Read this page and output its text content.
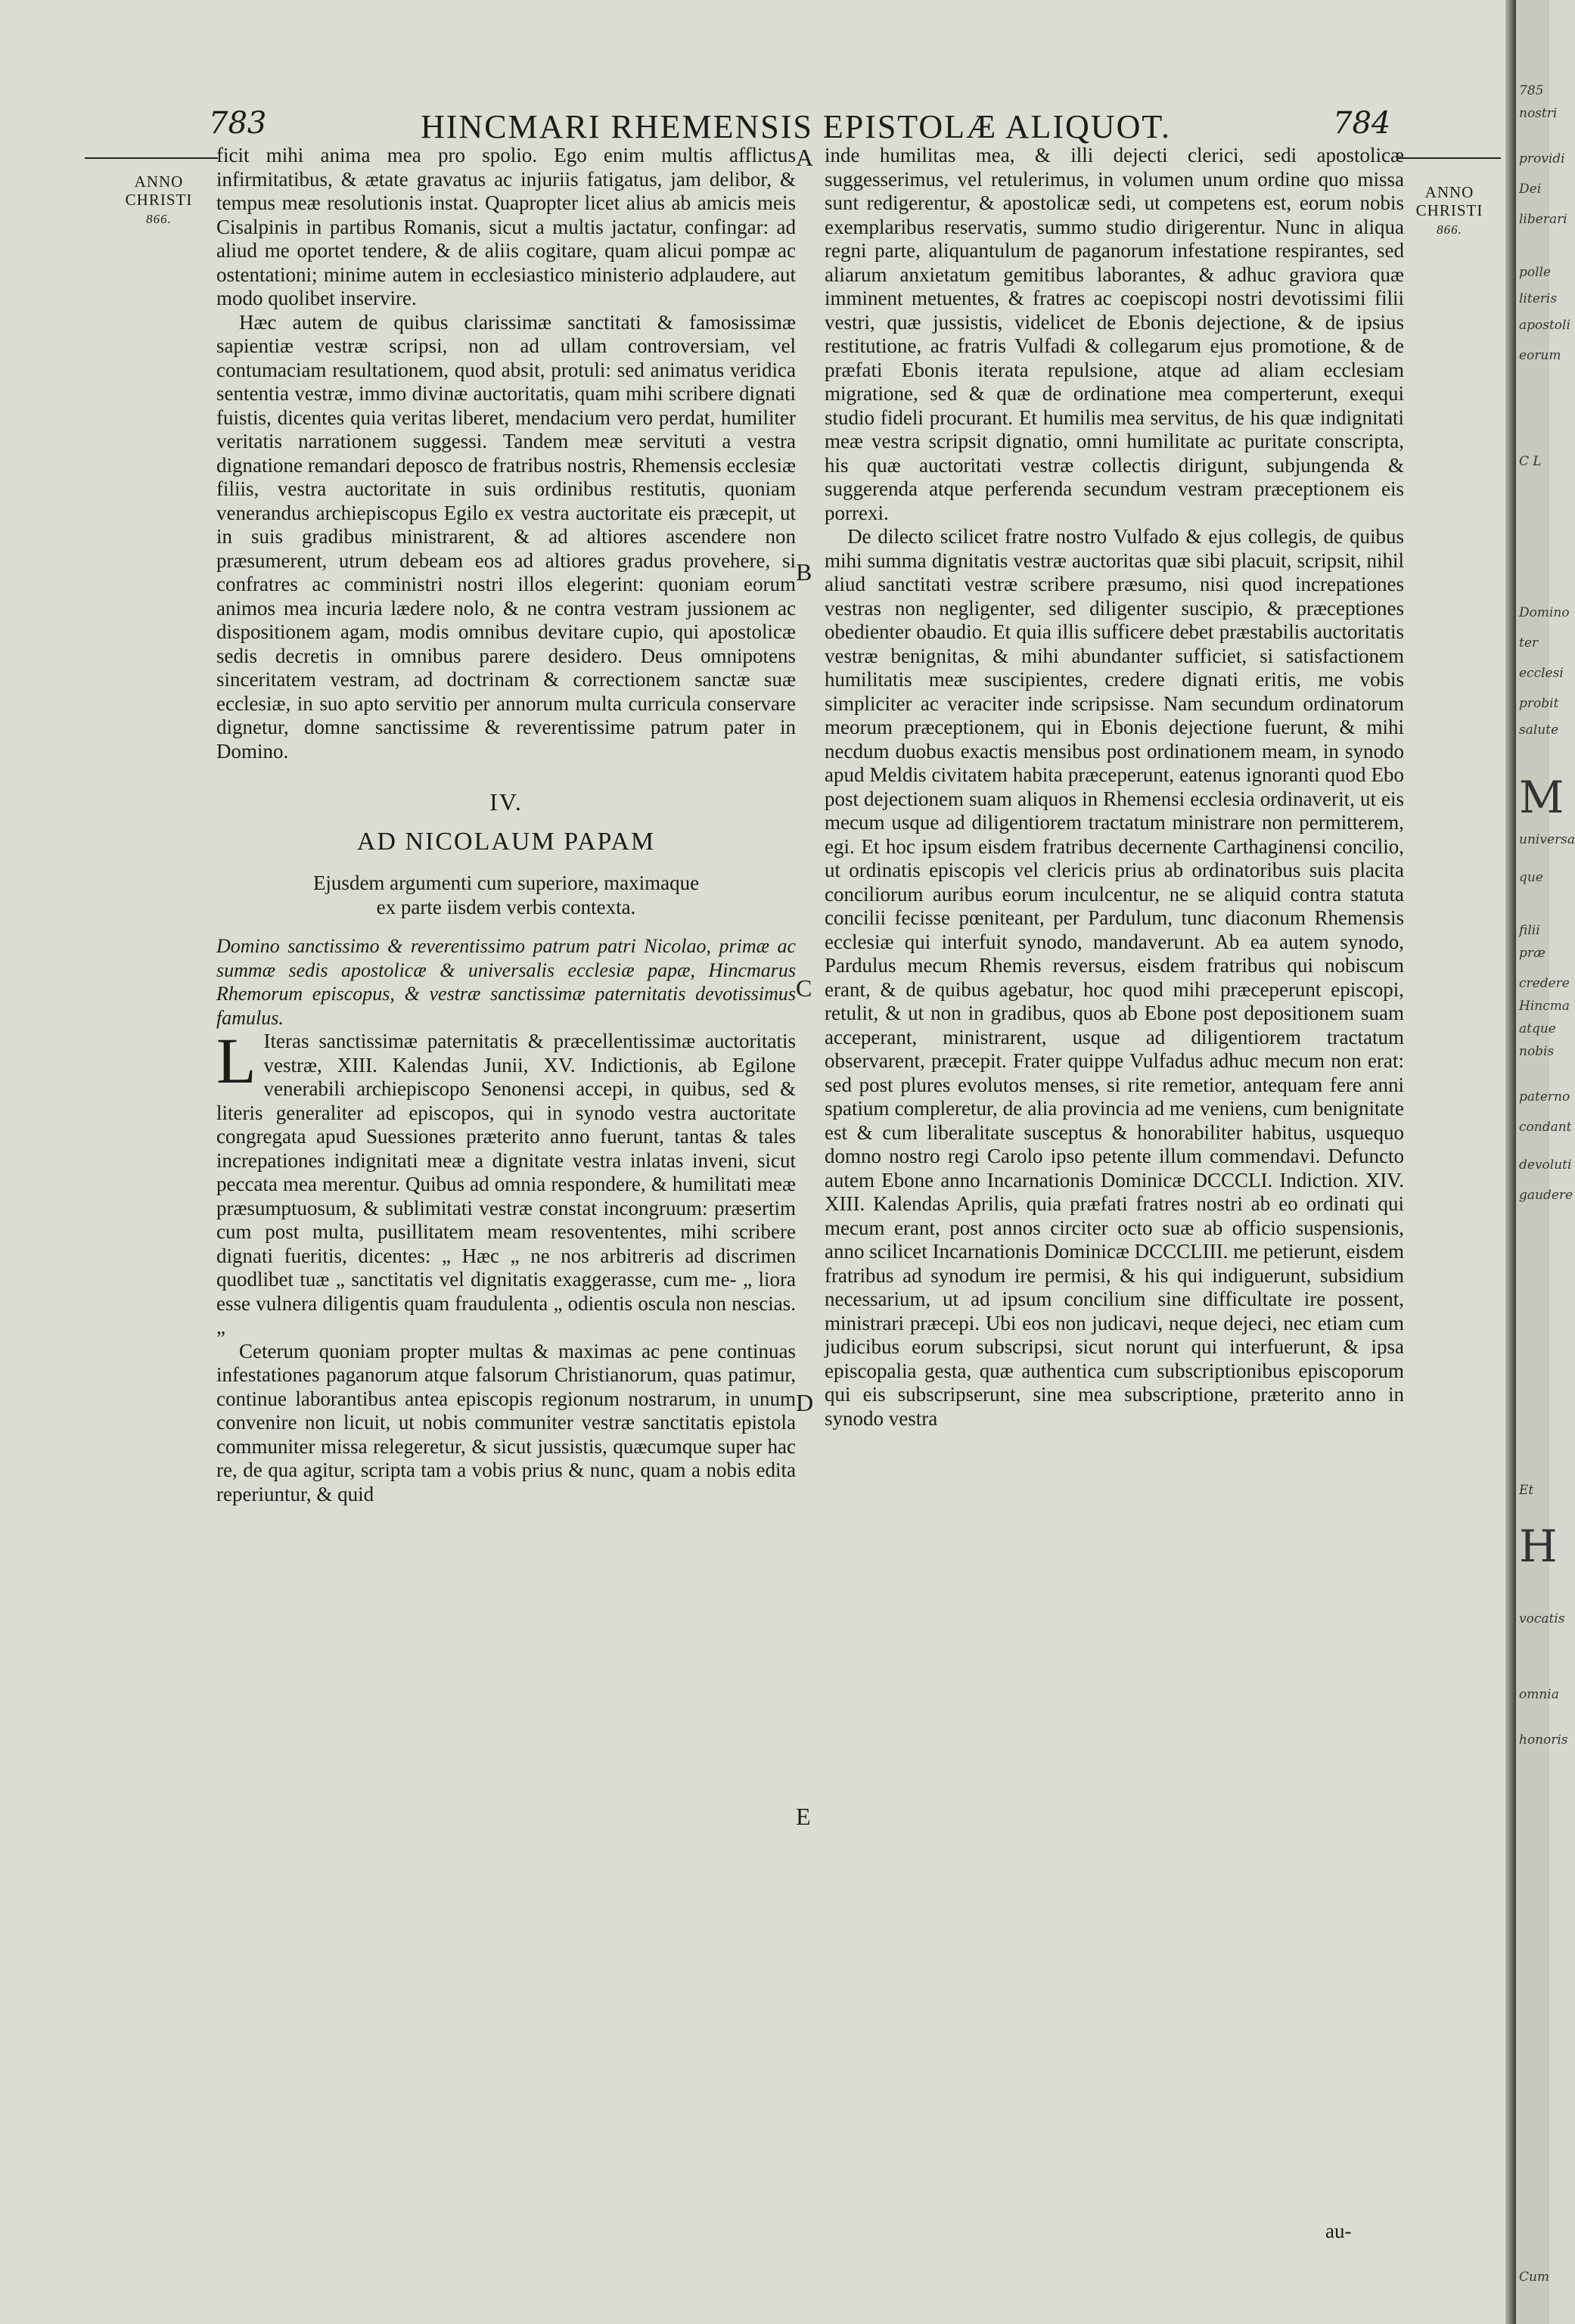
783	HINCMARI RHEMENSIS EPISTOLÆ ALIQUOT.	784
ANNO CHRISTI
866.
ANNO CHRISTI
866.
A
B
C
D
E

ficit mihi anima mea pro spolio. Ego enim multis afflictus infirmitatibus, & ætate gravatus ac injuriis fatigatus, jam delibor, & tempus meæ resolutionis instat. Quapropter licet alius ab amicis meis Cisalpinis in partibus Romanis, sicut a multis jactatur, confingar: ad aliud me oportet tendere, & de aliis cogitare, quam alicui pompæ ac ostentationi; minime autem in ecclesiastico ministerio adplaudere, aut modo quolibet inservire.

Hæc autem de quibus clarissimæ sanctitati & famosissimæ sapientiæ vestræ scripsi, non ad ullam controversiam, vel contumaciam resultationem, quod absit, protuli: sed animatus veridica sententia vestræ, immo divinæ auctoritatis, quam mihi scribere dignati fuistis, dicentes quia veritas liberet, mendacium vero perdat, humiliter veritatis narrationem suggessi. Tandem meæ servituti a vestra dignatione remandari deposco de fratribus nostris, Rhemensis ecclesiæ filiis, vestra auctoritate in suis ordinibus restitutis, quoniam venerandus archiepiscopus Egilo ex vestra auctoritate eis præcepit, ut in suis gradibus ministrarent, & ad altiores ascendere non præsumerent, utrum debeam eos ad altiores gradus provehere, si confratres ac comministri nostri illos elegerint: quoniam eorum animos mea incuria lædere nolo, & ne contra vestram jussionem ac dispositionem agam, modis omnibus devitare cupio, qui apostolicæ sedis decretis in omnibus parere desidero. Deus omnipotens sinceritatem vestram, ad doctrinam & correctionem sanctæ suæ ecclesiæ, in suo apto servitio per annorum multa curricula conservare dignetur, domne sanctissime & reverentissime patrum pater in Domino.

IV.
AD NICOLAUM PAPAM
Ejusdem argumenti cum superiore, maximaque
ex parte iisdem verbis contexta.

Domino sanctissimo & reverentissimo patrum patri Nicolao, primæ ac summæ sedis apostolicæ & universalis ecclesiæ papæ, Hincmarus Rhemorum episcopus, & vestræ sanctissimæ paternitatis devotissimus famulus.

L Iteras sanctissimæ paternitatis & præcellentissimæ auctoritatis vestræ, XIII. Kalendas Junii, XV. Indictionis, ab Egilone venerabili archiepiscopo Senonensi accepi, in quibus, sed & literis generaliter ad episcopos, qui in synodo vestra auctoritate congregata apud Suessiones præterito anno fuerunt, tantas & tales increpationes indignitati meæ a dignitate vestra inlatas inveni, sicut peccata mea merentur. Quibus ad omnia respondere, & humilitati meæ præsumptuosum, & sublimitati vestræ constat incongruum: præsertim cum post multa, pusillitatem meam resovententes, mihi scribere dignati fueritis, dicentes: „ Hæc „ ne nos arbitreris ad discrimen quodlibet tuæ „ sanctitatis vel dignitatis exaggerasse, cum me- „ liora esse vulnera diligentis quam fraudulenta „ odientis oscula non nescias. „

Ceterum quoniam propter multas & maximas ac pene continuas infestationes paganorum atque falsorum Christianorum, quas patimur, continue laborantibus antea episcopis regionum nostrarum, in unum convenire non licuit, ut nobis communiter vestræ sanctitatis epistola communiter missa relegeretur, & sicut jussistis, quæcumque super hac re, de qua agitur, scripta tam a vobis prius & nunc, quam a nobis edita reperiuntur, & quid

inde humilitas mea, & illi dejecti clerici, sedi apostolicæ suggesserimus, vel retulerimus, in volumen unum ordine quo missa sunt redigerentur, & apostolicæ sedi, ut competens est, eorum nobis exemplaribus reservatis, summo studio dirigerentur. Nunc in aliqua regni parte, aliquantulum de paganorum infestatione respirantes, sed aliarum anxietatum gemitibus laborantes, & adhuc graviora quæ imminent metuentes, & fratres ac coepiscopi nostri devotissimi filii vestri, quæ jussistis, videlicet de Ebonis dejectione, & de ipsius restitutione, ac fratris Vulfadi & collegarum ejus promotione, & de præfati Ebonis iterata repulsione, atque ad aliam ecclesiam migratione, sed & quæ de ordinatione mea comperterunt, exequi studio fideli procurant. Et humilis mea servitus, de his quæ indignitati meæ vestra scripsit dignatio, omni humilitate ac puritate conscripta, his quæ auctoritati vestræ collectis dirigunt, subjungenda & suggerenda atque perferenda secundum vestram præceptionem eis porrexi.

De dilecto scilicet fratre nostro Vulfado & ejus collegis, de quibus mihi summa dignitatis vestræ auctoritas quæ sibi placuit, scripsit, nihil aliud sanctitati vestræ scribere præsumo, nisi quod increpationes vestras non negligenter, sed diligenter suscipio, & præceptiones obedienter obaudio. Et quia illis sufficere debet præstabilis auctoritatis vestræ benignitas, & mihi abundanter sufficiet, si satisfactionem humilitatis meæ suscipientes, credere dignati eritis, me vobis simpliciter ac veraciter inde scripsisse. Nam secundum ordinatorum meorum præceptionem, qui in Ebonis dejectione fuerunt, & mihi necdum duobus exactis mensibus post ordinationem meam, in synodo apud Meldis civitatem habita præceperunt, eatenus ignoranti quod Ebo post dejectionem suam aliquos in Rhemensi ecclesia ordinaverit, ut eis mecum usque ad diligentiorem tractatum ministrare non permitterem, egi. Et hoc ipsum eisdem fratribus decernente Carthaginensi concilio, ut ordinatis episcopis vel clericis prius ab ordinatoribus suis placita conciliorum auribus eorum inculcentur, ne se aliquid contra statuta concilii fecisse pœniteant, per Pardulum, tunc diaconum Rhemensis ecclesiæ qui interfuit synodo, mandaverunt. Ab ea autem synodo, Pardulus mecum Rhemis reversus, eisdem fratribus qui nobiscum erant, & de quibus agebatur, hoc quod mihi præceperunt episcopi, retulit, & ut non in gradibus, quos ab Ebone post depositionem suam acceperant, ministrarent, usque ad diligentiorem tractatum observarent, præcepit. Frater quippe Vulfadus adhuc mecum non erat: sed post plures evolutos menses, si rite remetior, antequam fere anni spatium compleretur, de alia provincia ad me veniens, cum benignitate est & cum liberalitate susceptus & honorabiliter habitus, usquequo domno nostro regi Carolo ipso petente illum commendavi. Defuncto autem Ebone anno Incarnationis Dominicæ DCCCLI. Indiction. XIV. XIII. Kalendas Aprilis, quia præfati fratres nostri ab eo ordinati qui mecum erant, post annos circiter octo suæ ab officio suspensionis, anno scilicet Incarnationis Dominicæ DCCCLIII. me petierunt, eisdem fratribus ad synodum ire permisi, & his qui indiguerunt, subsidium necessarium, ut ad ipsum concilium sine difficultate ire possent, ministrari præcepi. Ubi eos non judicavi, neque dejeci, nec etiam cum judicibus eorum subscripsi, sicut norunt qui interfuerunt, & ipsa episcopalia gesta, quæ authentica cum subscriptionibus episcoporum qui eis subscripserunt, sine mea subscriptione, præterito anno in synodo vestra

au-
785
nostri
providi
Dei
liberari
polle
literis
apostoli
eorum
C L
Domino
ter
ecclesi
probit
salute
M
universa
que
filii
præ
credere
Hincma
atque
nobis
paterno
condant
devoluti
gaudere
Et
H
vocatis
omnia
honoris
Cum
